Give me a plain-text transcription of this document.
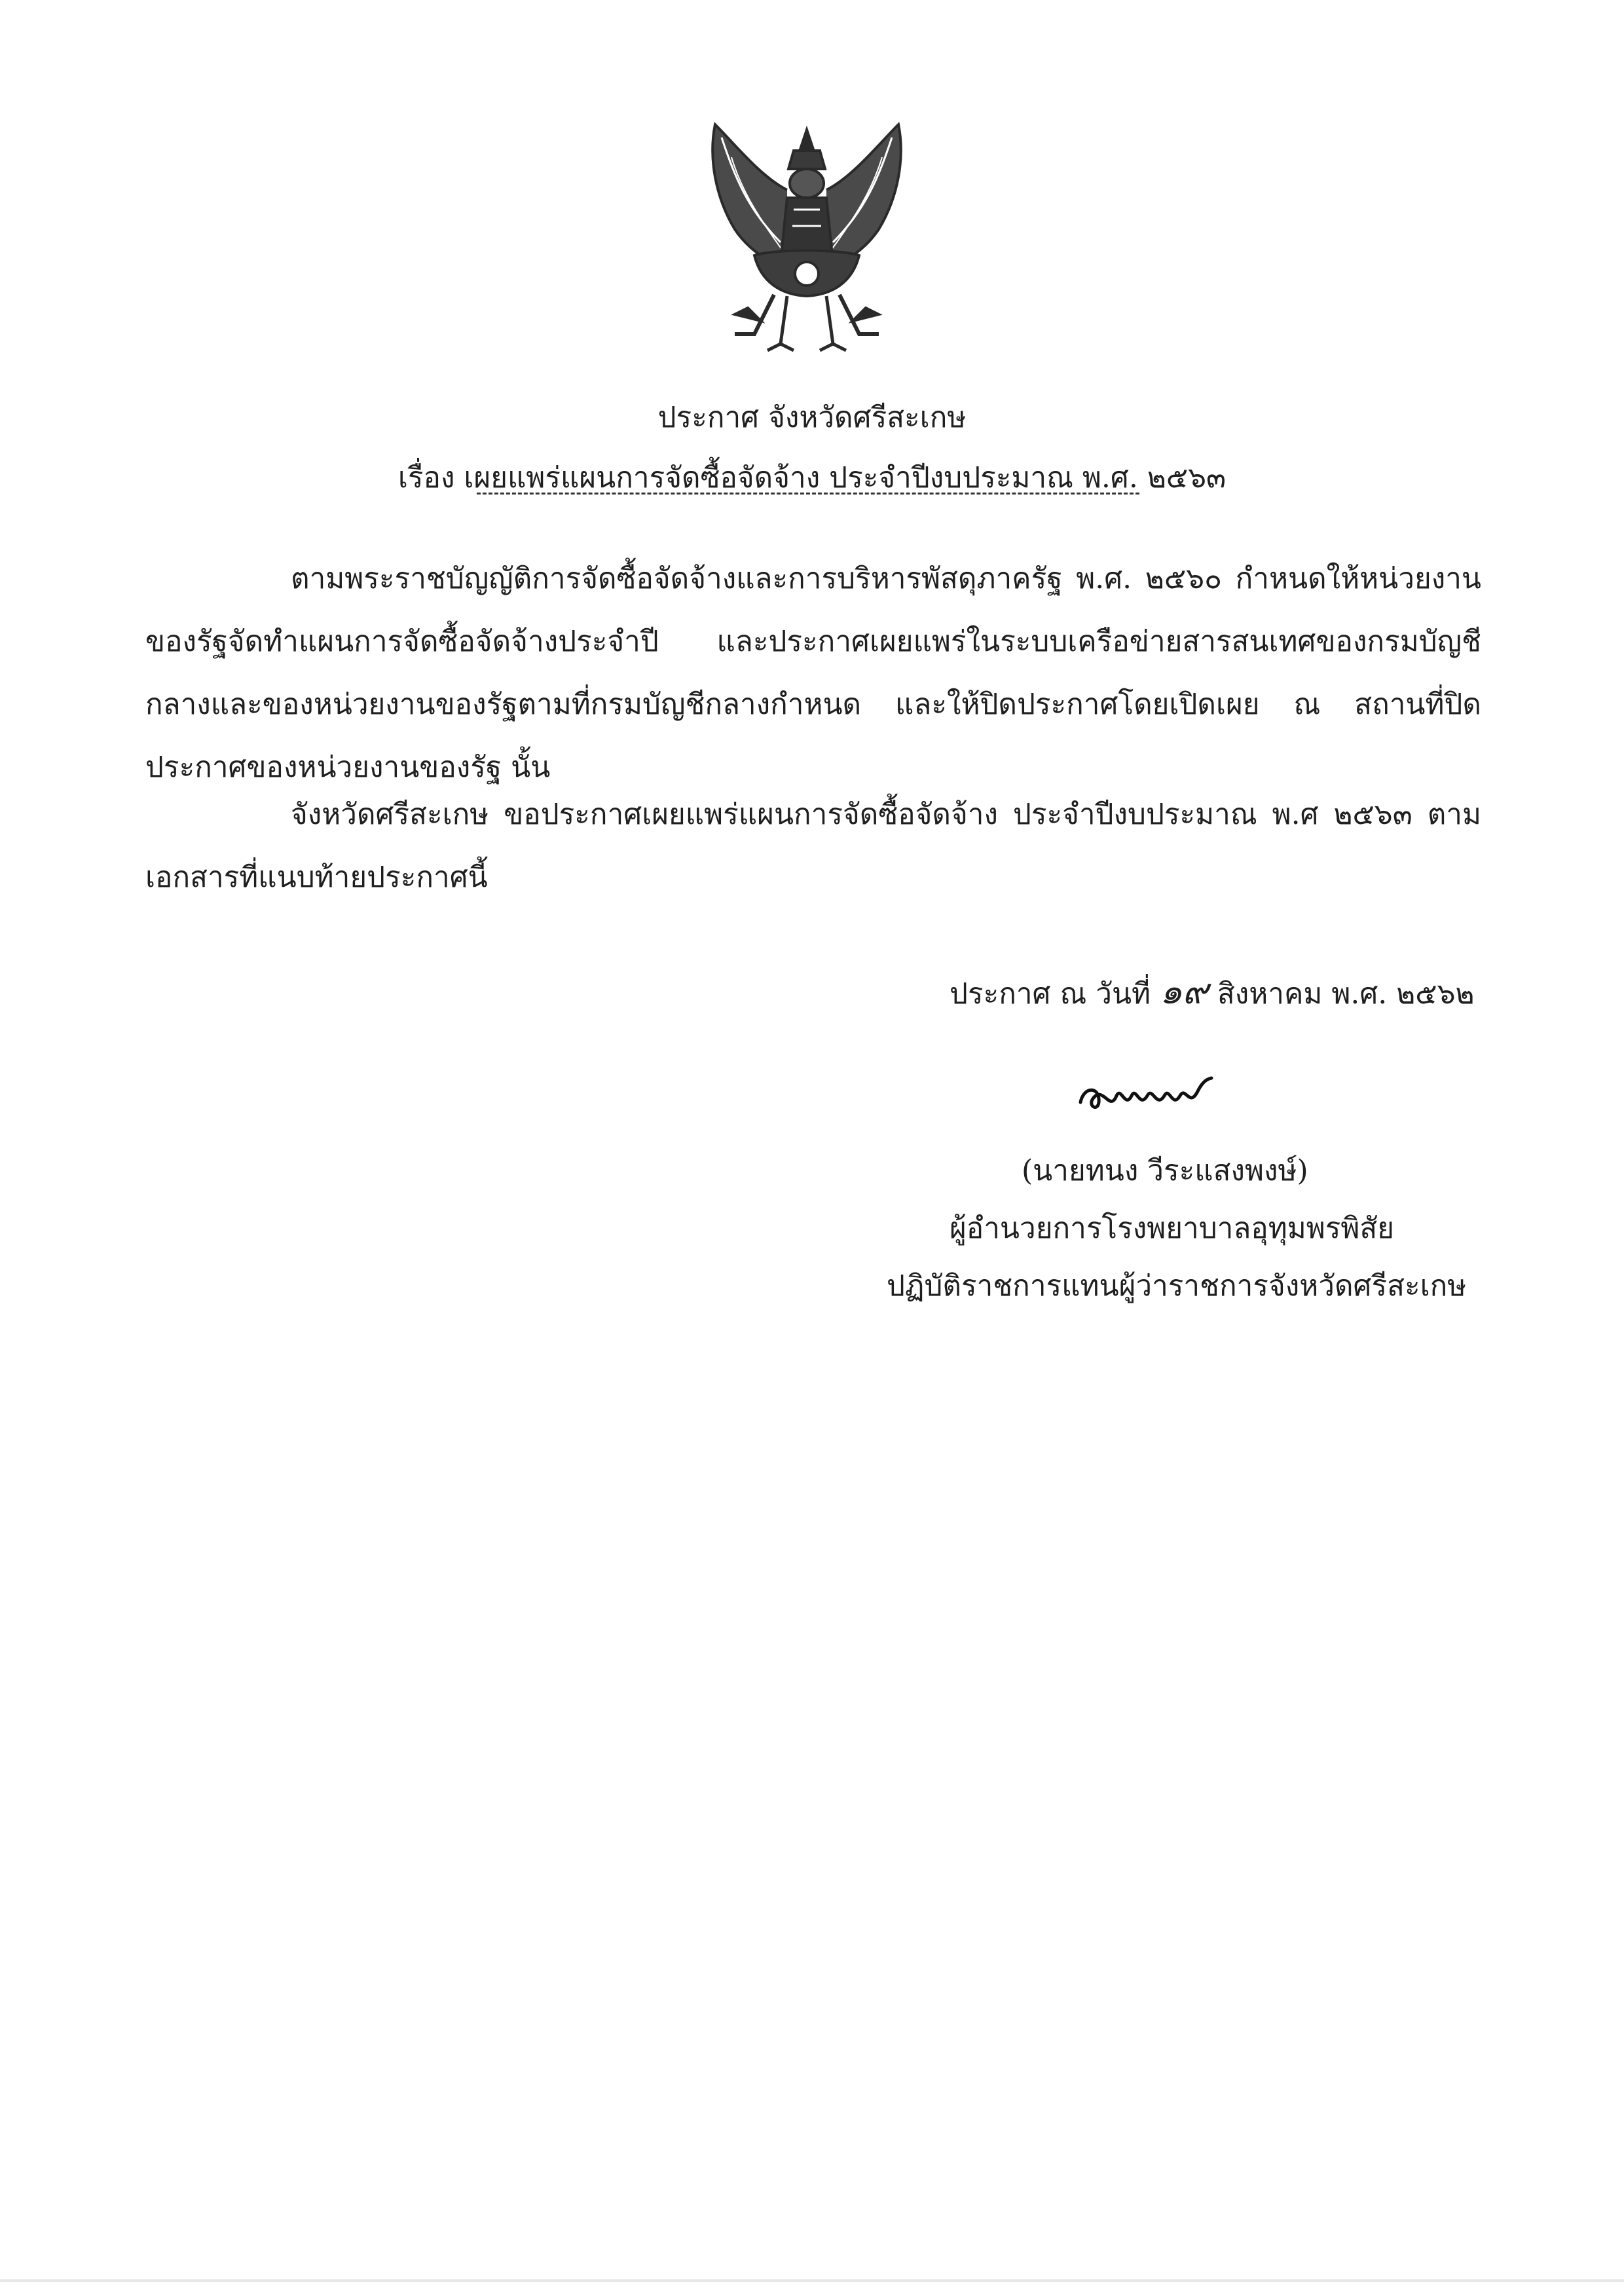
ประกาศ จังหวัดศรีสะเกษ
เรื่อง เผยแพร่แผนการจัดซื้อจัดจ้าง ประจำปีงบประมาณ พ.ศ. ๒๕๖๓
ตามพระราชบัญญัติการจัดซื้อจัดจ้างและการบริหารพัสดุภาครัฐ พ.ศ. ๒๕๖๐ กำหนดให้หน่วยงานของรัฐจัดทำแผนการจัดซื้อจัดจ้างประจำปี และประกาศเผยแพร่ในระบบเครือข่ายสารสนเทศของกรมบัญชีกลางและของหน่วยงานของรัฐตามที่กรมบัญชีกลางกำหนด และให้ปิดประกาศโดยเปิดเผย ณ สถานที่ปิดประกาศของหน่วยงานของรัฐ นั้น
จังหวัดศรีสะเกษ ขอประกาศเผยแพร่แผนการจัดซื้อจัดจ้าง ประจำปีงบประมาณ พ.ศ ๒๕๖๓ ตามเอกสารที่แนบท้ายประกาศนี้
ประกาศ ณ วันที่ ๑๙ สิงหาคม พ.ศ. ๒๕๖๒
(นายทนง วีระแสงพงษ์)
ผู้อำนวยการโรงพยาบาลอุทุมพรพิสัย
ปฏิบัติราชการแทนผู้ว่าราชการจังหวัดศรีสะเกษ
